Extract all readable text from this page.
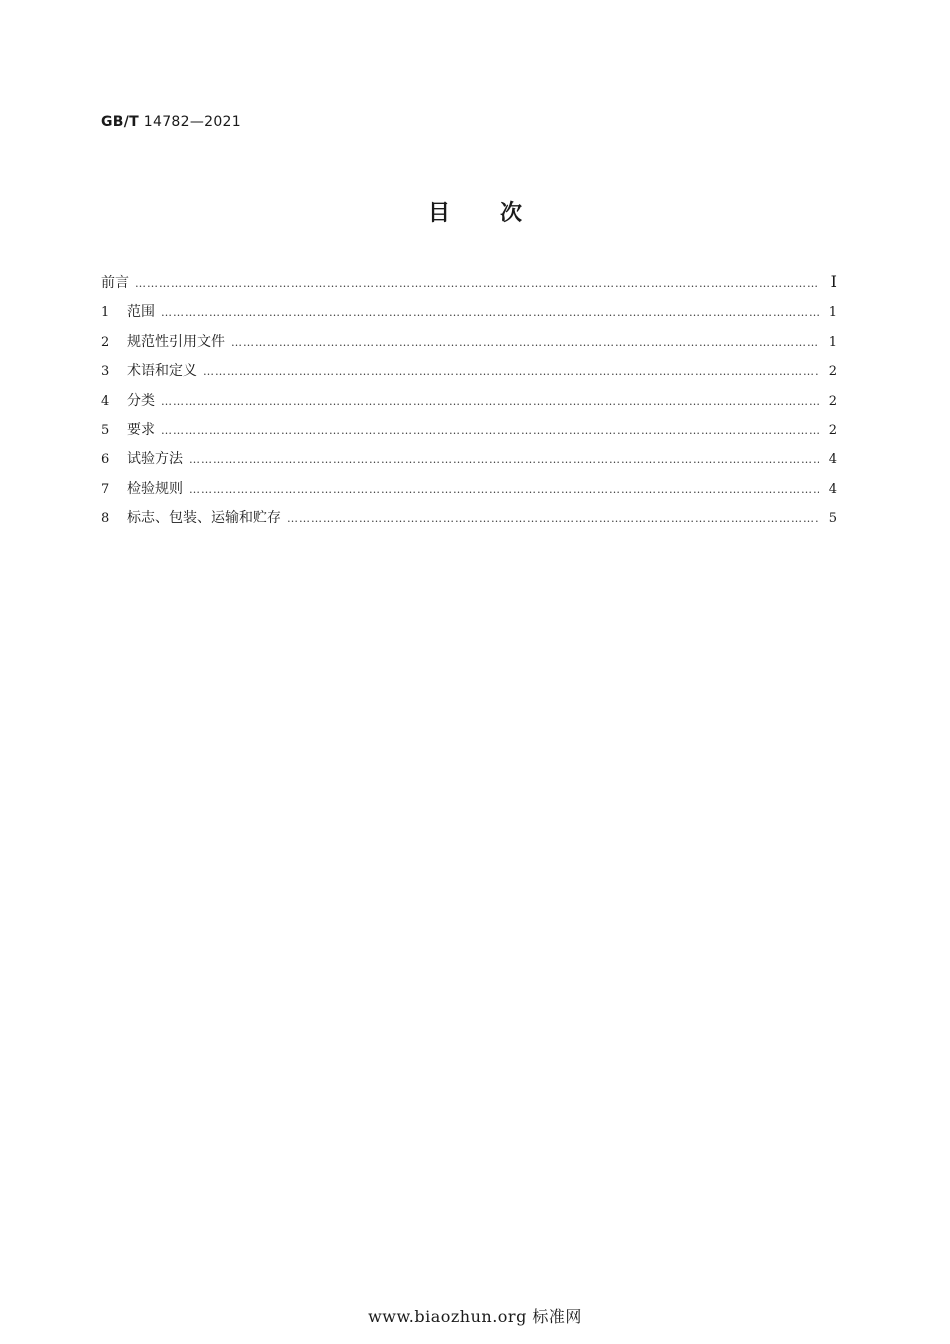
GB/T 14782—2021
目次
前言 …………………………………………………………………………………………………………………………………………………………………………………………………………………………………………	I
1	范围 …………………………………………………………………………………………………………………………………………………………………………………………………………………………………………	1
2	规范性引用文件 …………………………………………………………………………………………………………………………………………………………………………………………………………………………………………	1
3	术语和定义 …………………………………………………………………………………………………………………………………………………………………………………………………………………………………………	2
4	分类 …………………………………………………………………………………………………………………………………………………………………………………………………………………………………………	2
5	要求 …………………………………………………………………………………………………………………………………………………………………………………………………………………………………………	2
6	试验方法 …………………………………………………………………………………………………………………………………………………………………………………………………………………………………………	4
7	检验规则 …………………………………………………………………………………………………………………………………………………………………………………………………………………………………………	4
8	标志、包装、运输和贮存 …………………………………………………………………………………………………………………………………………………………………………………………………………………………………………	5
www.biaozhun.org 标准网
